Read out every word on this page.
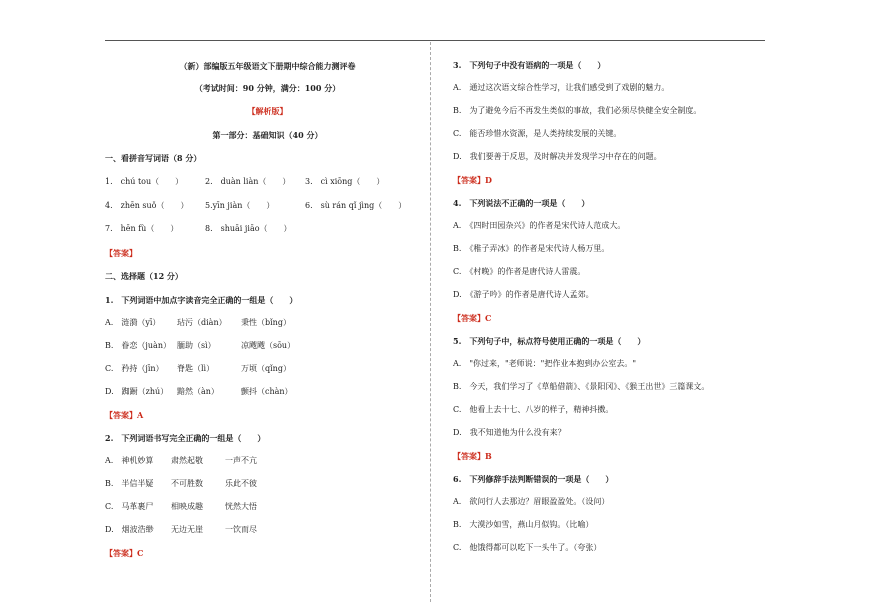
（新）部编版五年级语文下册期中综合能力测评卷
（考试时间：90 分钟，满分：100 分）
【解析版】
第一部分：基础知识（40 分）
一、看拼音写词语（8 分）
1.　chú tou（　　）	2.　duàn liàn（　　） 3.　cì xiōng（　　）
4.　zhēn suǒ（　　） 5.yīn jiàn（　　）	6.　sù rán qǐ jìng（　　）
7.　hēn fù（　　）	8.　shuāi jiāo（　　）
【答案】
二、选择题（12 分）
1.　下列词语中加点字读音完全正确的一组是（　　）
A.　涟漪（yī） 玷污（diàn） 秉性（bǐng）
B.　眷恋（juàn） 腼助（sì）	凉飕飕（sōu）
C.　矜持（jīn） 脊匙（lì）	万顷（qǐng）
D.　踟蹰（zhú） 黯然（àn）	颤抖（chàn）
【答案】A
2.　下列词语书写完全正确的一组是（　　）
A.　神机妙算 肃然起敬	一声不亢
B.　半信半疑 不可胜数	乐此不彼
C.　马革裹尸 相映成趣	恍然大悟
D.　烟波浩缈 无边无崖	一饮而尽
【答案】C
3.　下列句子中没有语病的一项是（　　）
A.　通过这次语文综合性学习，让我们感受到了戏剧的魅力。
B.　为了避免今后不再发生类似的事故，我们必须尽快健全安全制度。
C.　能否珍惜水资源，是人类持续发展的关键。
D.　我们要善于反思，及时解决并发现学习中存在的问题。
【答案】D
4.　下列说法不正确的一项是（　　）
A.　《四时田园杂兴》的作者是宋代诗人范成大。
B.　《稚子弄冰》的作者是宋代诗人杨万里。
C.　《村晚》的作者是唐代诗人雷震。
D.　《游子吟》的作者是唐代诗人孟郊。
【答案】C
5.　下列句子中，标点符号使用正确的一项是（　　）
A.　"你过来，"老师说："把作业本抱到办公室去。"
B.　今天，我们学习了《草船借箭》、《景阳冈》、《猴王出世》三篇课文。
C.　他看上去十七、八岁的样子，精神抖擞。
D.　我不知道他为什么没有来？
【答案】B
6.　下列修辞手法判断错误的一项是（　　）
A.　欲问行人去那边？眉眼盈盈处。（设问）
B.　大漠沙如雪，燕山月似钩。（比喻）
C.　他饿得都可以吃下一头牛了。（夸张）
